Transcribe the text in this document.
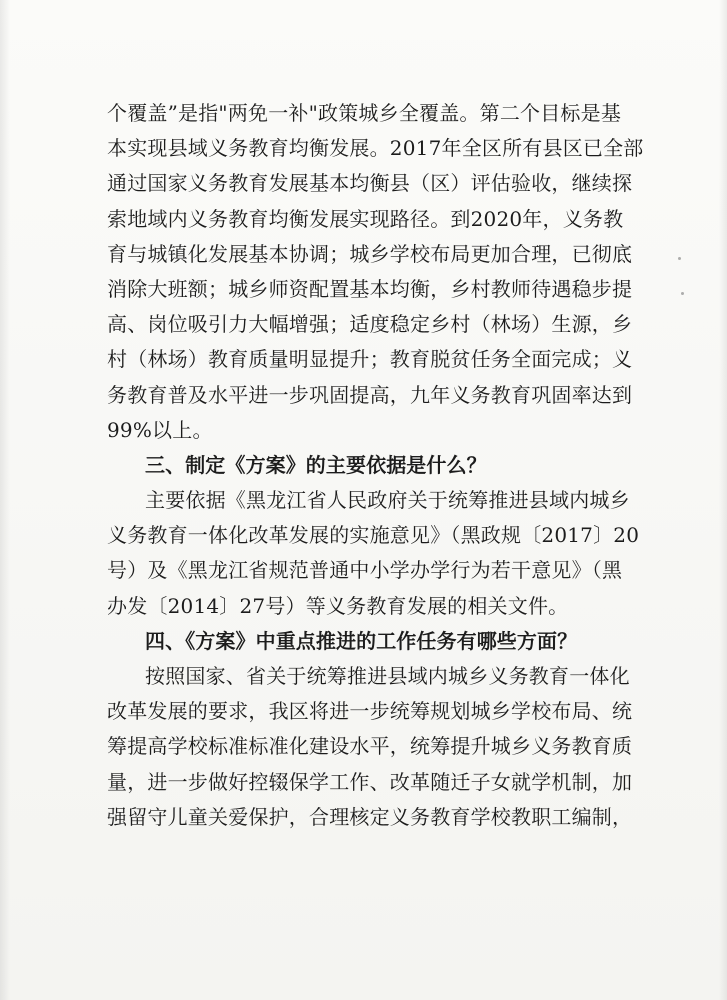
个覆盖”是指"两免一补"政策城乡全覆盖。第二个目标是基
本实现县域义务教育均衡发展。2017年全区所有县区已全部
通过国家义务教育发展基本均衡县（区）评估验收，继续探
索地域内义务教育均衡发展实现路径。到2020年，义务教
育与城镇化发展基本协调；城乡学校布局更加合理，已彻底
消除大班额；城乡师资配置基本均衡，乡村教师待遇稳步提
高、岗位吸引力大幅增强；适度稳定乡村（林场）生源，乡
村（林场）教育质量明显提升；教育脱贫任务全面完成；义
务教育普及水平进一步巩固提高，九年义务教育巩固率达到
99%以上。
三、制定《方案》的主要依据是什么？
主要依据《黑龙江省人民政府关于统筹推进县域内城乡
义务教育一体化改革发展的实施意见》（黑政规〔2017〕20
号）及《黑龙江省规范普通中小学办学行为若干意见》（黑
办发〔2014〕27号）等义务教育发展的相关文件。
四、《方案》中重点推进的工作任务有哪些方面？
按照国家、省关于统筹推进县域内城乡义务教育一体化
改革发展的要求，我区将进一步统筹规划城乡学校布局、统
筹提高学校标准标准化建设水平，统筹提升城乡义务教育质
量，进一步做好控辍保学工作、改革随迁子女就学机制，加
强留守儿童关爱保护，合理核定义务教育学校教职工编制，
